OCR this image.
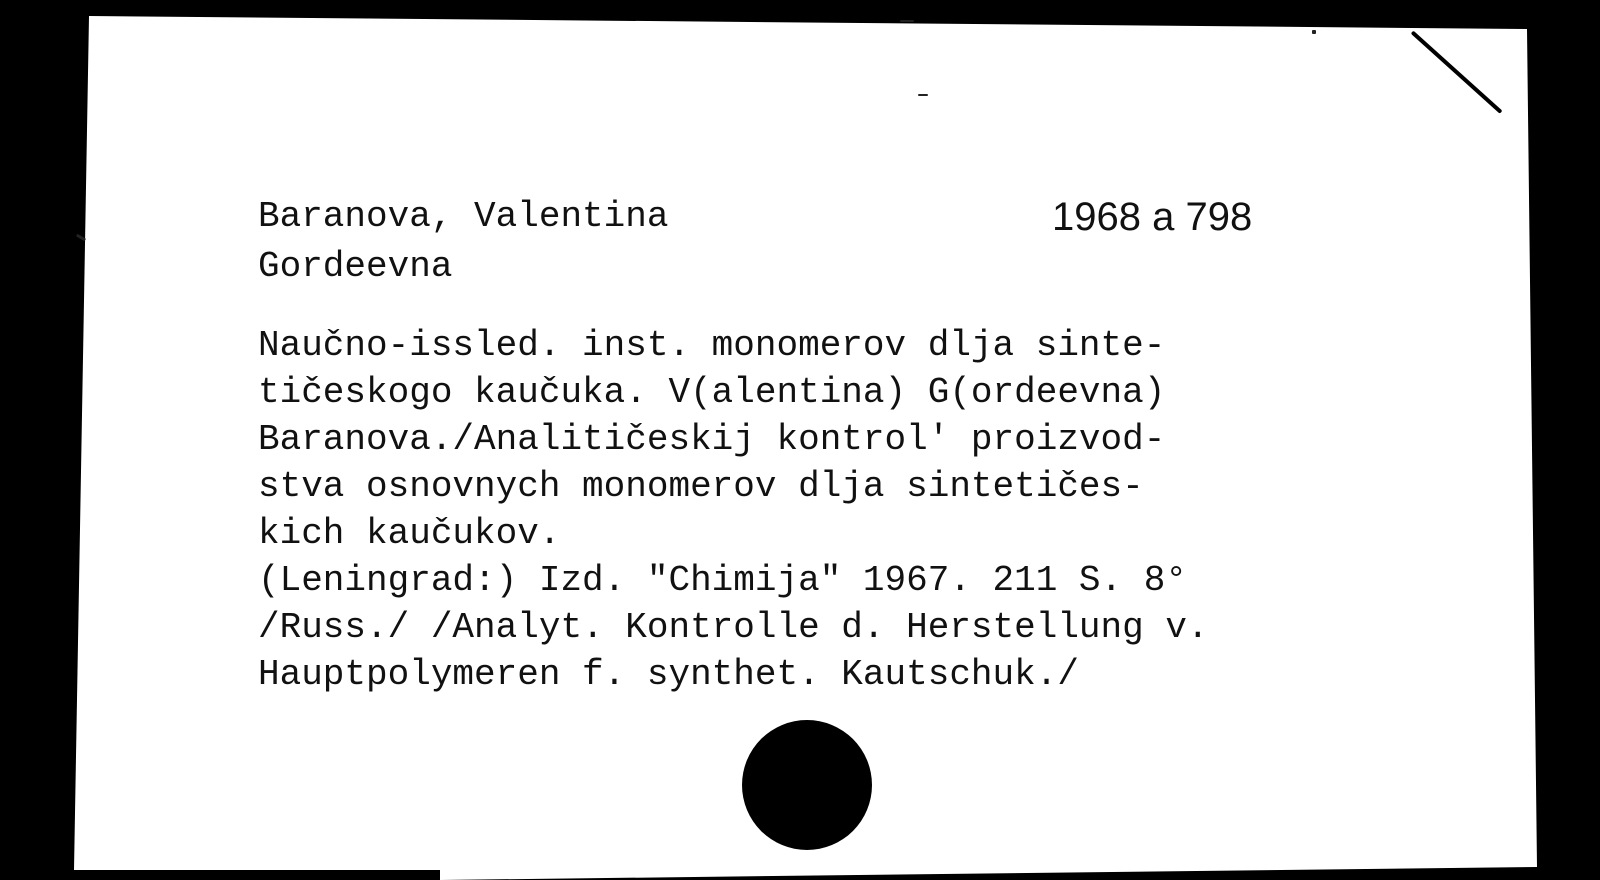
Baranova, Valentina
Gordeevna
1968 a 798
Naučno-issled. inst. monomerov dlja sinte-
tičeskogo kaučuka. V(alentina) G(ordeevna)
Baranova./Analitičeskij kontrol' proizvod-
stva osnovnych monomerov dlja sintetičes-
kich kaučukov.
(Leningrad:) Izd. "Chimija" 1967. 211 S. 8°
/Russ./ /Analyt. Kontrolle d. Herstellung v.
Hauptpolymeren f. synthet. Kautschuk./
